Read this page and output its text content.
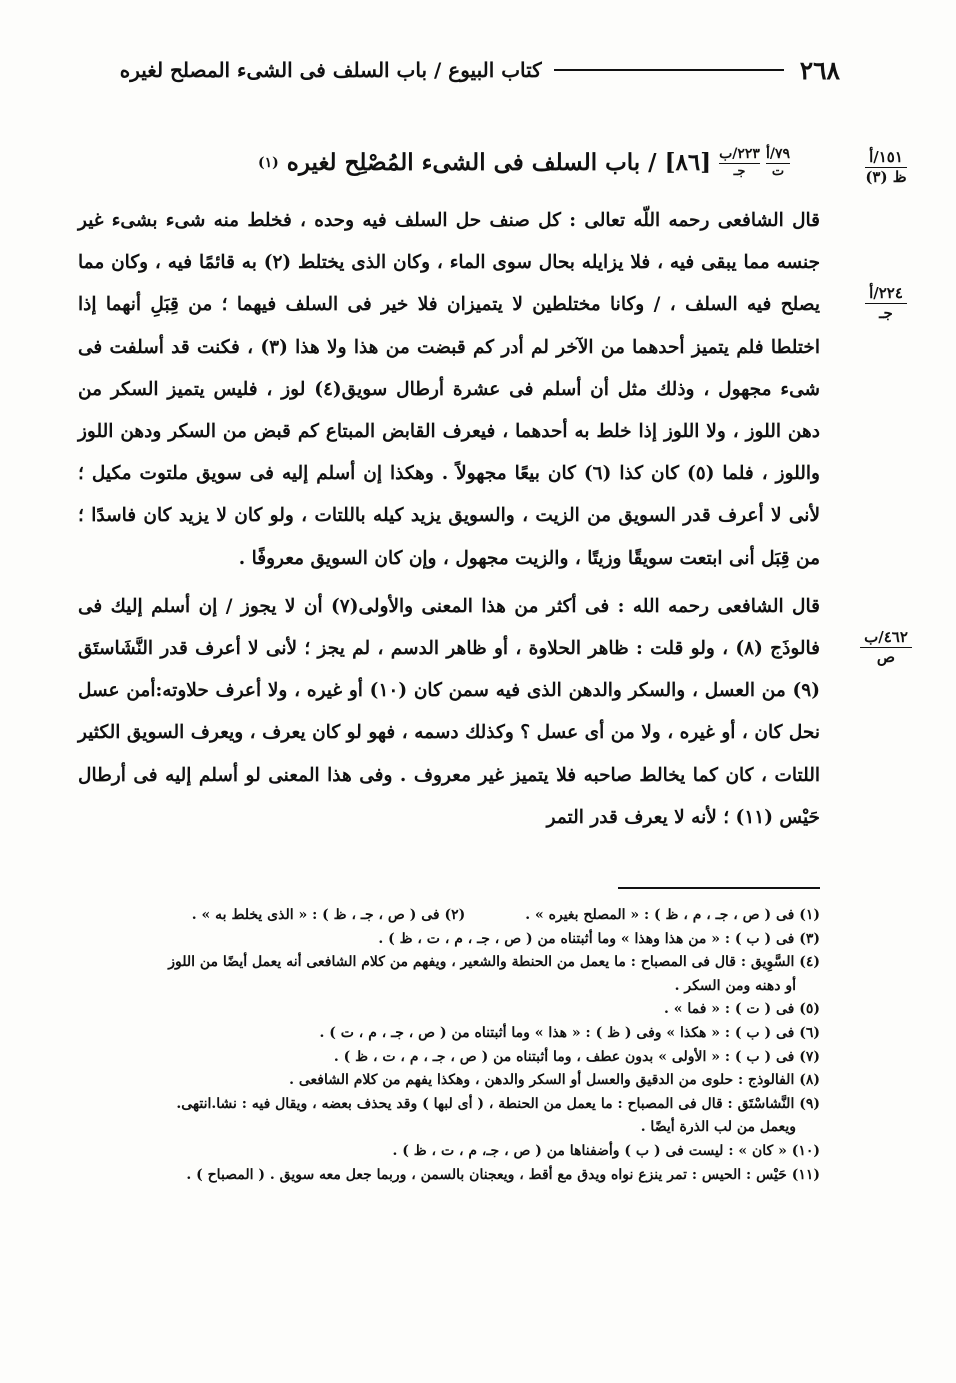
٢٦٨
كتاب البيوع / باب السلف فى الشىء المصلح لغيره
١٥١/أ
ظ (٣)
٢٢٤/أ
جـ
٤٦٢/ب
ص
٧٩/أ
ت
٢٢٣/ب
جـ
[٨٦] / باب السلف فى الشىء المُصْلِح لغيره
(١)

قال الشافعى رحمه اللّه تعالى : كل صنف حل السلف فيه وحده ، فخلط منه شىء بشىء غير جنسه مما يبقى فيه ، فلا يزايله بحال سوى الماء ، وكان الذى يختلط (٢) به قائمًا فيه ، وكان مما يصلح فيه السلف ، / وكانا مختلطين لا يتميزان فلا خير فى السلف فيهما ؛ من قِبَلِ أنهما إذا اختلطا فلم يتميز أحدهما من الآخر لم أدر كم قبضت من هذا ولا هذا (٣) ، فكنت قد أسلفت فى شىء مجهول ، وذلك مثل أن أسلم فى عشرة أرطال سويق(٤) لوز ، فليس يتميز السكر من دهن اللوز ، ولا اللوز إذا خلط به أحدهما ، فيعرف القابض المبتاع كم قبض من السكر ودهن اللوز واللوز ، فلما (٥) كان كذا (٦) كان بيعًا مجهولاً . وهكذا إن أسلم إليه فى سويق ملتوت مكيل ؛ لأنى لا أعرف قدر السويق من الزيت ، والسويق يزيد كيله باللتات ، ولو كان لا يزيد كان فاسدًا ؛ من قِبَل أنى ابتعت سويقًا وزيتًا ، والزيت مجهول ، وإن كان السويق معروفًا .

قال الشافعى رحمه الله : فى أكثر من هذا المعنى والأولى(٧) أن لا يجوز / إن أسلم إليك فى فالوذَج (٨) ، ولو قلت : ظاهر الحلاوة ، أو ظاهر الدسم ، لم يجز ؛ لأنى لا أعرف قدر النَّشَاستَق (٩) من العسل ، والسكر والدهن الذى فيه سمن كان (١٠) أو غيره ، ولا أعرف حلاوته:أمن عسل نحل كان ، أو غيره ، ولا من أى عسل ؟ وكذلك دسمه ، فهو لو كان يعرف ، ويعرف السويق الكثير اللتات ، كان كما يخالط صاحبه فلا يتميز غير معروف . وفى هذا المعنى لو أسلم إليه فى أرطال حَيْس (١١) ؛ لأنه لا يعرف قدر التمر

(١) فى ( ص ، جـ ، م ، ظ ) : « المصلح بغيره » .
(٢) فى ( ص ، جـ ، ظ ) : « الذى يخلط به » .
(٣) فى ( ب ) : « من هذا وهذا » وما أثبتناه من ( ص ، جـ ، م ، ت ، ظ ) .
(٤) السَّوِيق : قال فى المصباح : ما يعمل من الحنطة والشعير ، ويفهم من كلام الشافعى أنه يعمل أيضًا من اللوز
أو دهنه ومن السكر .
(٥) فى ( ت ) : « فما » .
(٦) فى ( ب ) : « هكذا » وفى ( ظ ) : « هذا » وما أثبتناه من ( ص ، جـ ، م ، ت ) .
(٧) فى ( ب ) : « الأولى » بدون عطف ، وما أثبتناه من ( ص ، جـ ، م ، ت ، ظ ) .
(٨) الفالوذج : حلوى من الدقيق والعسل أو السكر والدهن ، وهكذا يفهم من كلام الشافعى .
(٩) النَّشاسْتَق : قال فى المصباح : ما يعمل من الحنطة ، ( أى لبها ) وقد يحذف بعضه ، ويقال فيه : نشا.انتهى.
ويعمل من لب الذرة أيضًا .
(١٠) « كان » : ليست فى ( ب ) وأضفناها من ( ص ، جـ، م ، ت ، ظ ) .
(١١) حَيْس : الحيس : تمر ينزع نواه ويدق مع أقط ، ويعجنان بالسمن ، وربما جعل معه سويق . ( المصباح ) .
